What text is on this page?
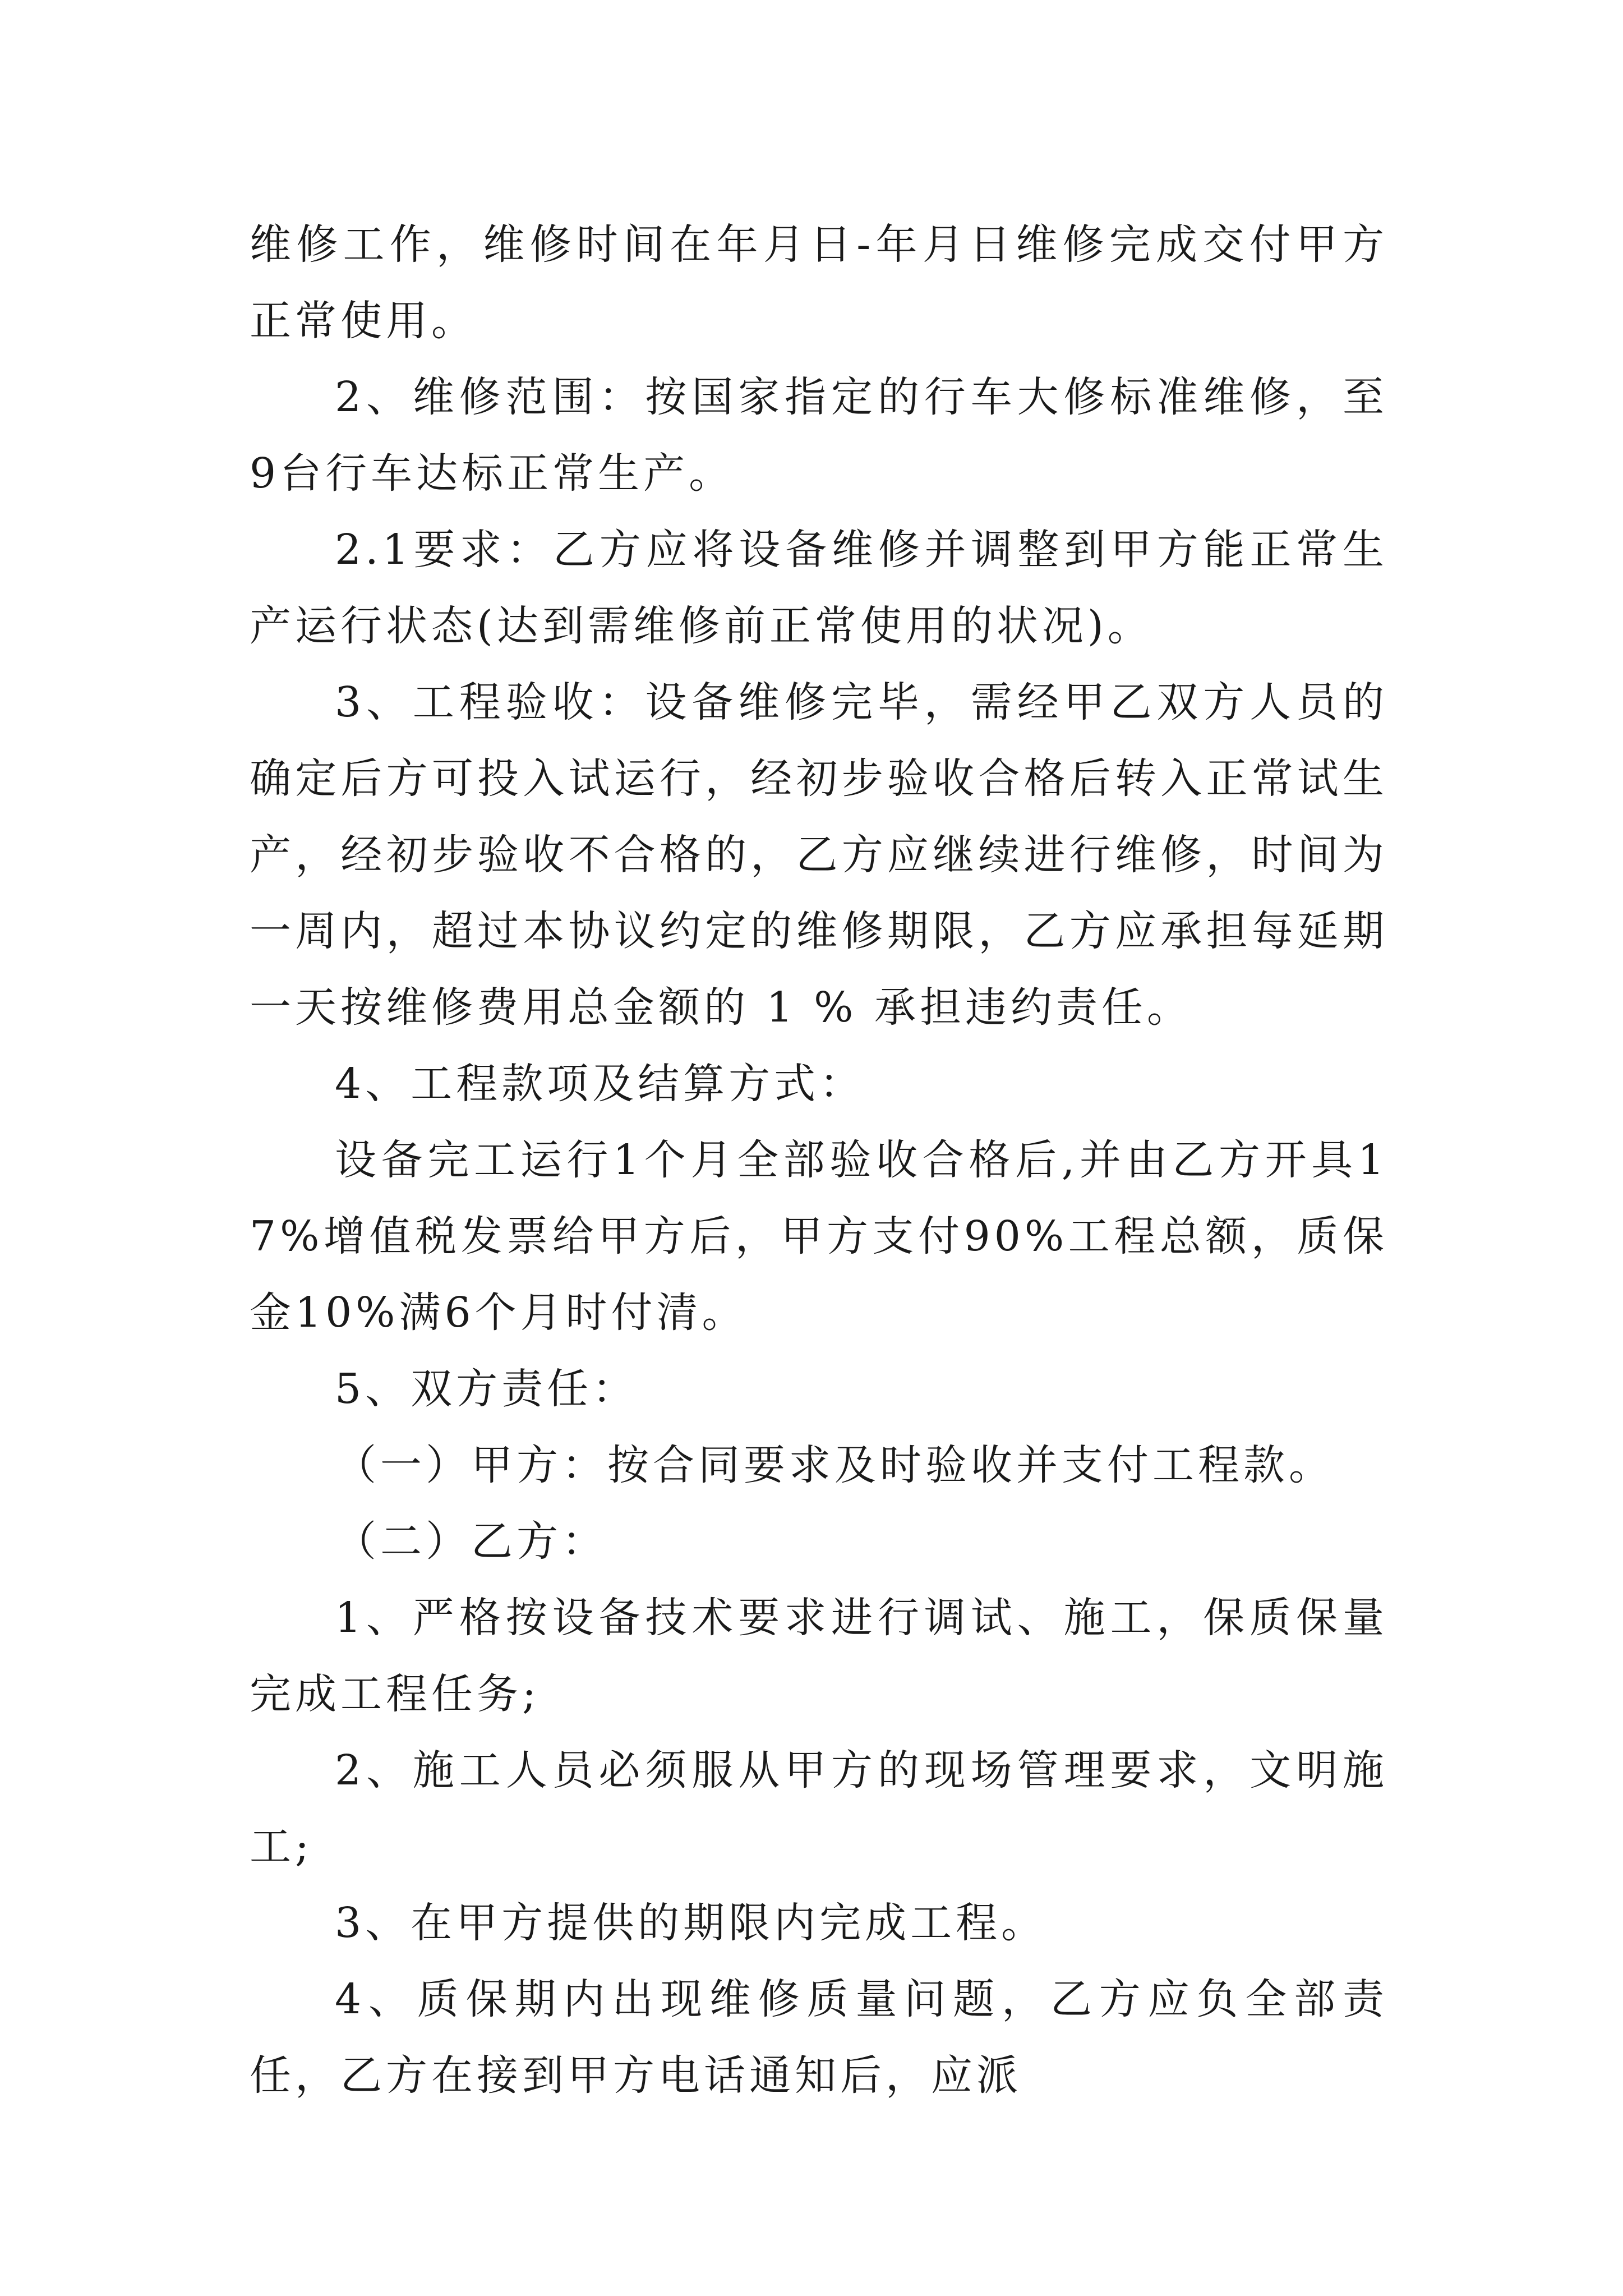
维修工作，维修时间在年月日-年月日维修完成交付甲方正常使用。

2、维修范围：按国家指定的行车大修标准维修，至9台行车达标正常生产。

2.1要求：乙方应将设备维修并调整到甲方能正常生产运行状态(达到需维修前正常使用的状况)。

3、工程验收：设备维修完毕，需经甲乙双方人员的确定后方可投入试运行，经初步验收合格后转入正常试生产，经初步验收不合格的，乙方应继续进行维修，时间为一周内，超过本协议约定的维修期限，乙方应承担每延期一天按维修费用总金额的 1 % 承担违约责任。

4、工程款项及结算方式：

设备完工运行1个月全部验收合格后,并由乙方开具17%增值税发票给甲方后，甲方支付90%工程总额，质保金10%满6个月时付清。

5、双方责任：

（一）甲方：按合同要求及时验收并支付工程款。

（二）乙方：

1、严格按设备技术要求进行调试、施工，保质保量完成工程任务;

2、施工人员必须服从甲方的现场管理要求，文明施工;

3、在甲方提供的期限内完成工程。

4、质保期内出现维修质量问题，乙方应负全部责任，乙方在接到甲方电话通知后，应派
